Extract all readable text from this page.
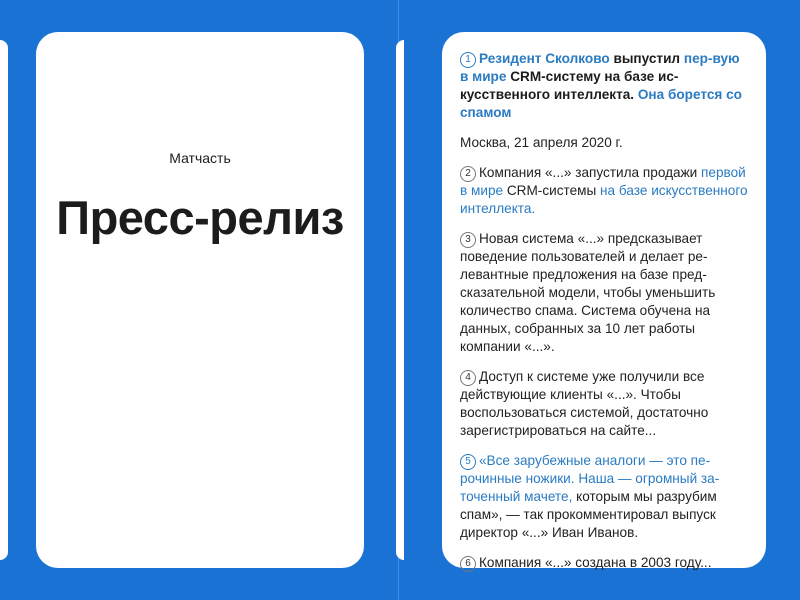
Матчасть
Пресс-релиз

1 Резидент Сколково выпустил пер-вую в мире CRM-систему на базе ис-кусственного интеллекта. Она борется со спамом

Москва, 21 апреля 2020 г.

2 Компания «...» запустила продажи первой в мире CRM-системы на базе искусственного интеллекта.

3 Новая система «...» предсказывает поведение пользователей и делает ре-левантные предложения на базе пред-сказательной модели, чтобы уменьшить количество спама. Система обучена на данных, собранных за 10 лет работы компании «...».

4 Доступ к системе уже получили все действующие клиенты «...». Чтобы воспользоваться системой, достаточно зарегистрироваться на сайте...

5 «Все зарубежные аналоги — это пе-рочинные ножики. Наша — огромный за-точенный мачете, которым мы разрубим спам», — так прокомментировал выпуск директор «...» Иван Иванов.

6 Компания «...» создана в 2003 году...
